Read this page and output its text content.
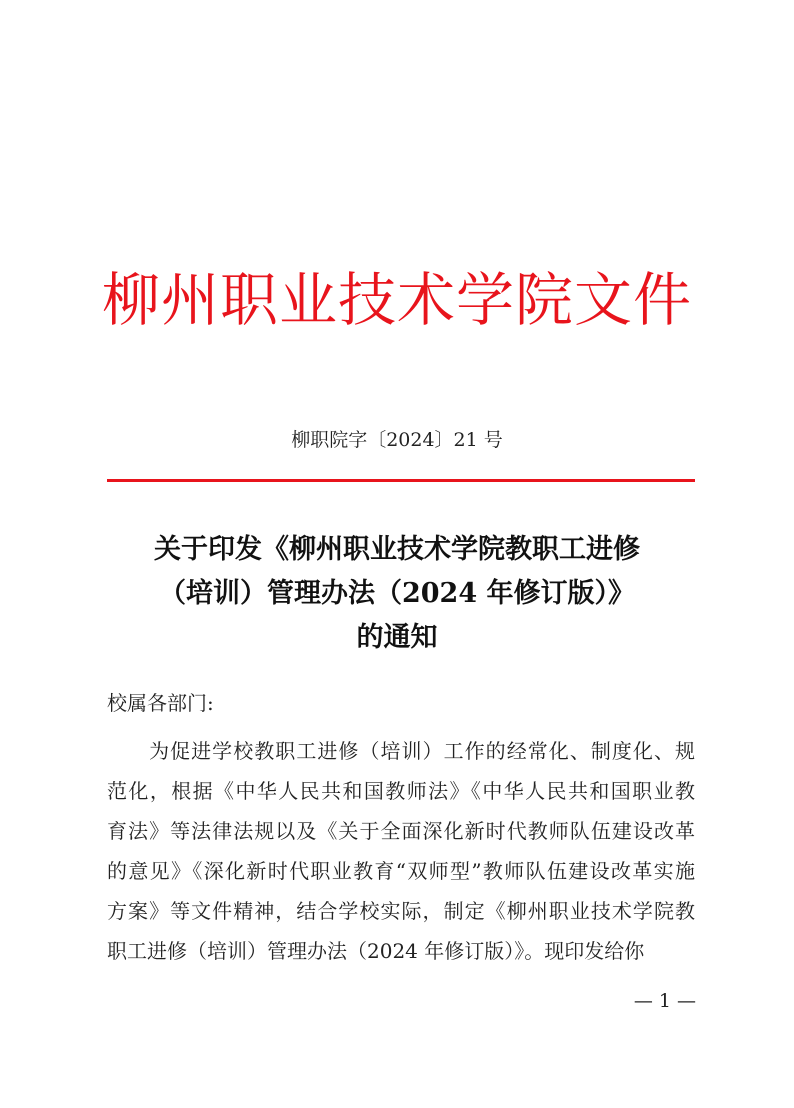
柳州职业技术学院文件
柳职院字〔2024〕21 号
关于印发《柳州职业技术学院教职工进修
（培训）管理办法（2024 年修订版）》
的通知
校属各部门:
　　为促进学校教职工进修（培训）工作的经常化、制度化、规
范化，根据《中华人民共和国教师法》《中华人民共和国职业教
育法》等法律法规以及《关于全面深化新时代教师队伍建设改革
的意见》《深化新时代职业教育“双师型”教师队伍建设改革实施
方案》等文件精神，结合学校实际，制定《柳州职业技术学院教
职工进修（培训）管理办法（2024 年修订版）》。现印发给你
— 1 —
